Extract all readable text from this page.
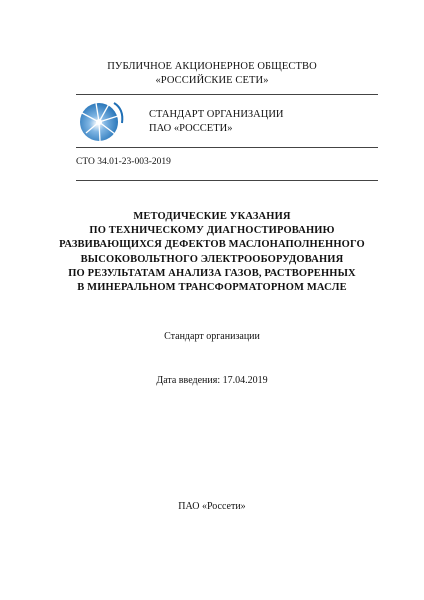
ПУБЛИЧНОЕ АКЦИОНЕРНОЕ ОБЩЕСТВО
«РОССИЙСКИЕ СЕТИ»
СТАНДАРТ ОРГАНИЗАЦИИ
ПАО «РОССЕТИ»
СТО 34.01-23-003-2019
МЕТОДИЧЕСКИЕ УКАЗАНИЯ
ПО ТЕХНИЧЕСКОМУ ДИАГНОСТИРОВАНИЮ
РАЗВИВАЮЩИХСЯ ДЕФЕКТОВ МАСЛОНАПОЛНЕННОГО
ВЫСОКОВОЛЬТНОГО ЭЛЕКТРООБОРУДОВАНИЯ
ПО РЕЗУЛЬТАТАМ АНАЛИЗА ГАЗОВ, РАСТВОРЕННЫХ
В МИНЕРАЛЬНОМ ТРАНСФОРМАТОРНОМ МАСЛЕ
Стандарт организации
Дата введения: 17.04.2019
ПАО «Россети»
